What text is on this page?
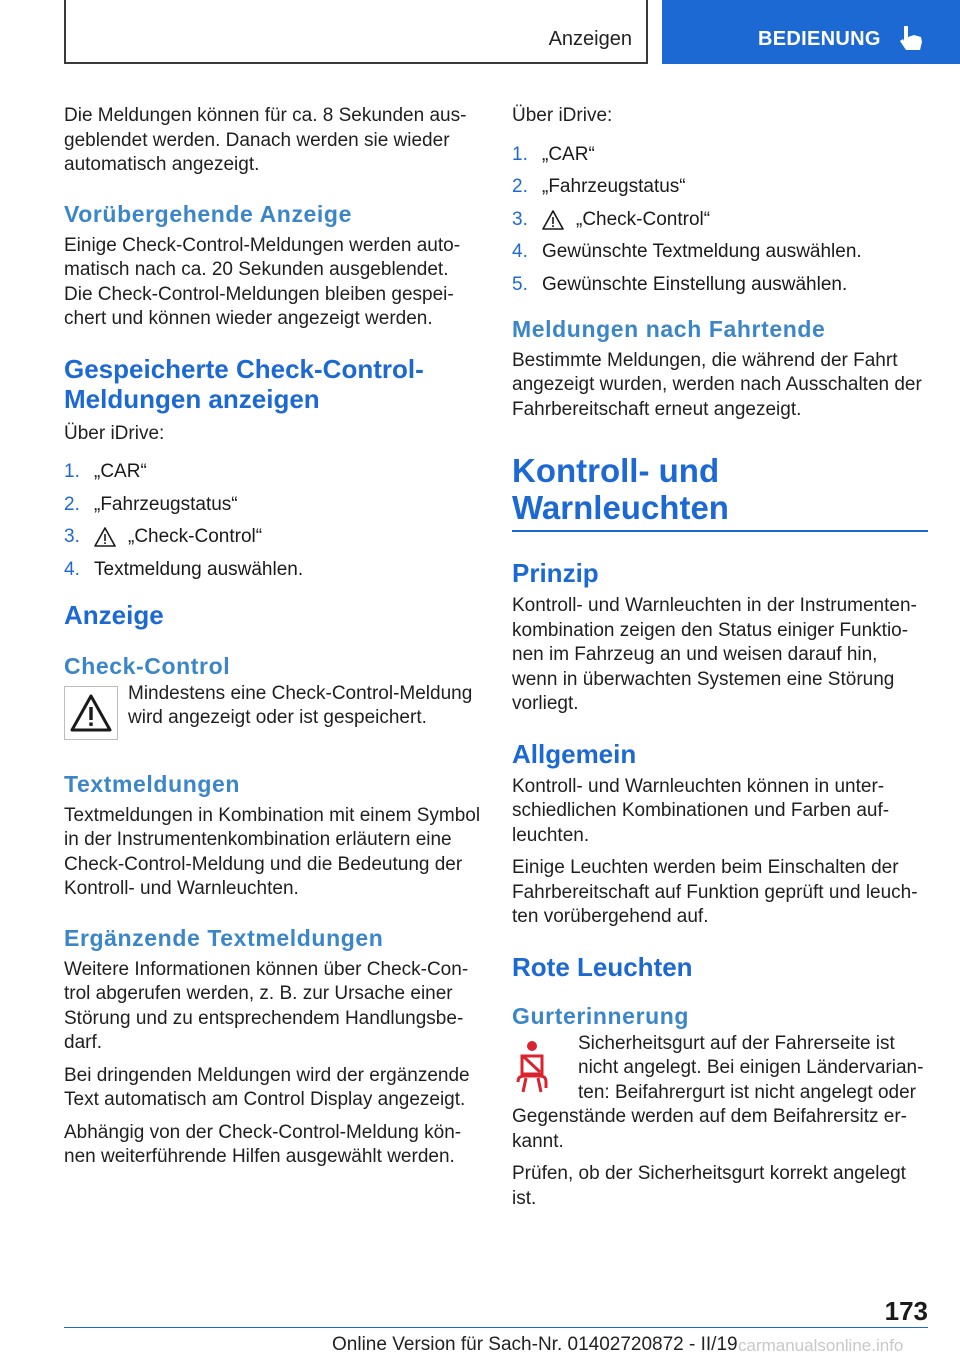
Anzeigen	BEDIENUNG

Die Meldungen können für ca. 8 Sekunden ausgeblendet werden. Danach werden sie wieder automatisch angezeigt.

Vorübergehende Anzeige

Einige Check-Control-Meldungen werden automatisch nach ca. 20 Sekunden ausgeblendet.

Die Check-Control-Meldungen bleiben gespeichert und können wieder angezeigt werden.

Gespeicherte Check-Control-Meldungen anzeigen

Über iDrive:

1. „CAR“
2. „Fahrzeugstatus“
3.	„Check-Control“
4. Textmeldung auswählen.
Anzeige
Check-Control

Mindestens eine Check-Control-Meldung wird angezeigt oder ist gespeichert.

Textmeldungen

Textmeldungen in Kombination mit einem Symbol in der Instrumentenkombination erläutern eine Check-Control-Meldung und die Bedeutung der Kontroll- und Warnleuchten.

Ergänzende Textmeldungen

Weitere Informationen können über Check-Control abgerufen werden, z. B. zur Ursache einer Störung und zu entsprechendem Handlungsbedarf.

Bei dringenden Meldungen wird der ergänzende Text automatisch am Control Display angezeigt.

Abhängig von der Check-Control-Meldung können weiterführende Hilfen ausgewählt werden.

Über iDrive:

1. „CAR“
2. „Fahrzeugstatus“
3.	„Check-Control“
4. Gewünschte Textmeldung auswählen.
5. Gewünschte Einstellung auswählen.
Meldungen nach Fahrtende

Bestimmte Meldungen, die während der Fahrt angezeigt wurden, werden nach Ausschalten der Fahrbereitschaft erneut angezeigt.

Kontroll- und Warnleuchten
Prinzip

Kontroll- und Warnleuchten in der Instrumentenkombination zeigen den Status einiger Funktionen im Fahrzeug an und weisen darauf hin, wenn in überwachten Systemen eine Störung vorliegt.

Allgemein

Kontroll- und Warnleuchten können in unterschiedlichen Kombinationen und Farben aufleuchten.

Einige Leuchten werden beim Einschalten der Fahrbereitschaft auf Funktion geprüft und leuchten vorübergehend auf.

Rote Leuchten
Gurterinnerung

Sicherheitsgurt auf der Fahrerseite ist nicht angelegt. Bei einigen Ländervarianten: Beifahrergurt ist nicht angelegt oder

Gegenstände werden auf dem Beifahrersitz erkannt.

Prüfen, ob der Sicherheitsgurt korrekt angelegt ist.

173
Online Version für Sach-Nr. 01402720872 - II/19 carmanualsonline.info
